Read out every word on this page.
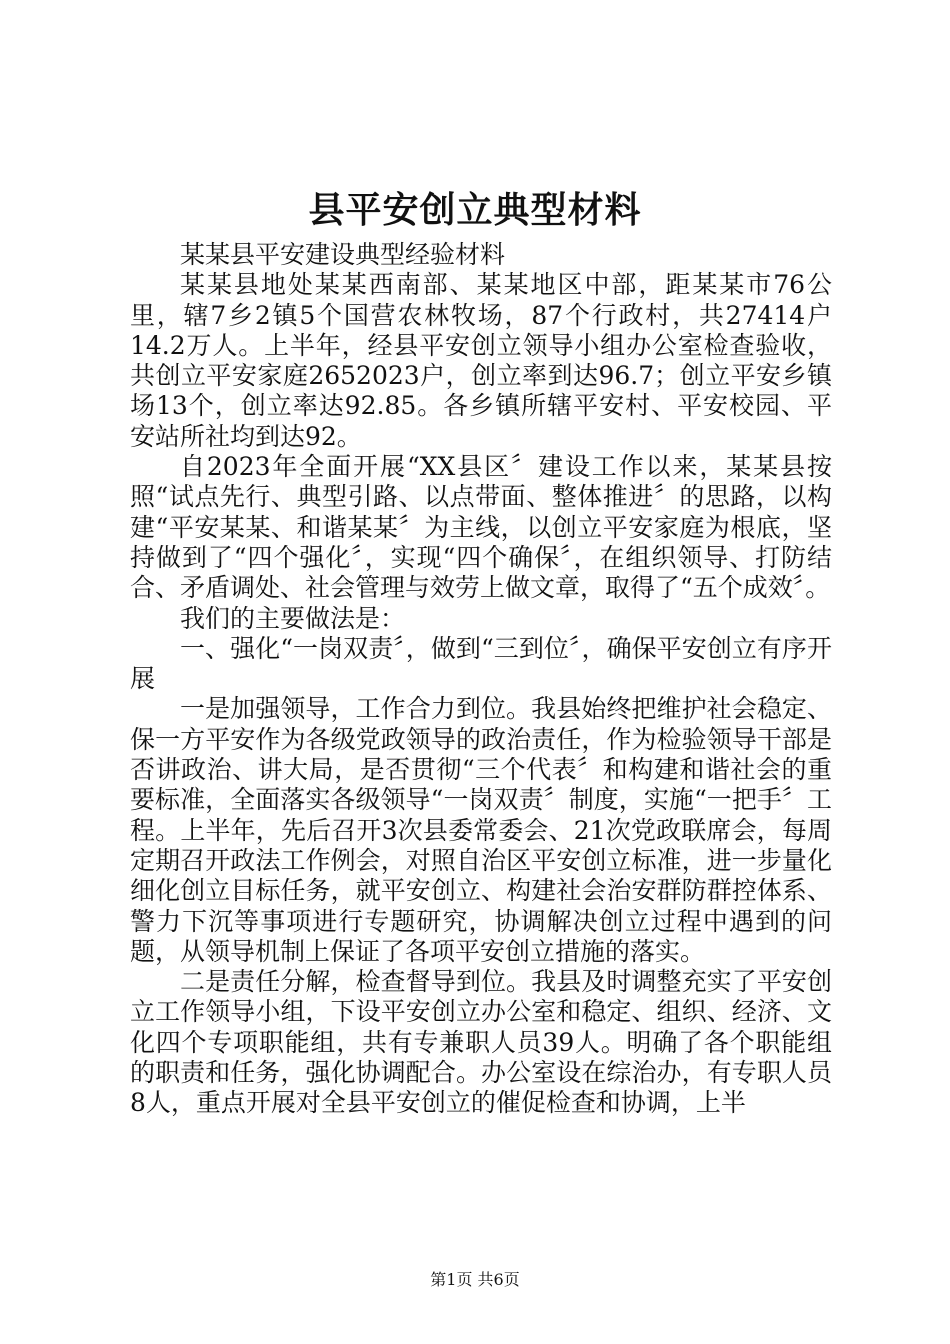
县平安创立典型材料

某某县平安建设典型经验材料

某某县地处某某西南部、某某地区中部，距某某市76公里，辖7乡2镇5个国营农林牧场，87个行政村，共27414户14.2万人。上半年，经县平安创立领导小组办公室检查验收，共创立平安家庭2652023户，创立率到达96.7；创立平安乡镇场13个，创立率达92.85。各乡镇所辖平安村、平安校园、平安站所社均到达92。

自2023年全面开展“XX县区〞建设工作以来，某某县按照“试点先行、典型引路、以点带面、整体推进〞的思路，以构建“平安某某、和谐某某〞为主线，以创立平安家庭为根底，坚持做到了“四个强化〞，实现“四个确保〞，在组织领导、打防结合、矛盾调处、社会管理与效劳上做文章，取得了“五个成效〞。

我们的主要做法是：

一、强化“一岗双责〞，做到“三到位〞，确保平安创立有序开展

一是加强领导，工作合力到位。我县始终把维护社会稳定、保一方平安作为各级党政领导的政治责任，作为检验领导干部是否讲政治、讲大局，是否贯彻“三个代表〞和构建和谐社会的重要标准，全面落实各级领导“一岗双责〞制度，实施“一把手〞工程。上半年，先后召开3次县委常委会、21次党政联席会，每周定期召开政法工作例会，对照自治区平安创立标准，进一步量化细化创立目标任务，就平安创立、构建社会治安群防群控体系、警力下沉等事项进行专题研究，协调解决创立过程中遇到的问题，从领导机制上保证了各项平安创立措施的落实。

二是责任分解，检查督导到位。我县及时调整充实了平安创立工作领导小组，下设平安创立办公室和稳定、组织、经济、文化四个专项职能组，共有专兼职人员39人。明确了各个职能组的职责和任务，强化协调配合。办公室设在综治办，有专职人员8人，重点开展对全县平安创立的催促检查和协调，上半

第1页 共6页
